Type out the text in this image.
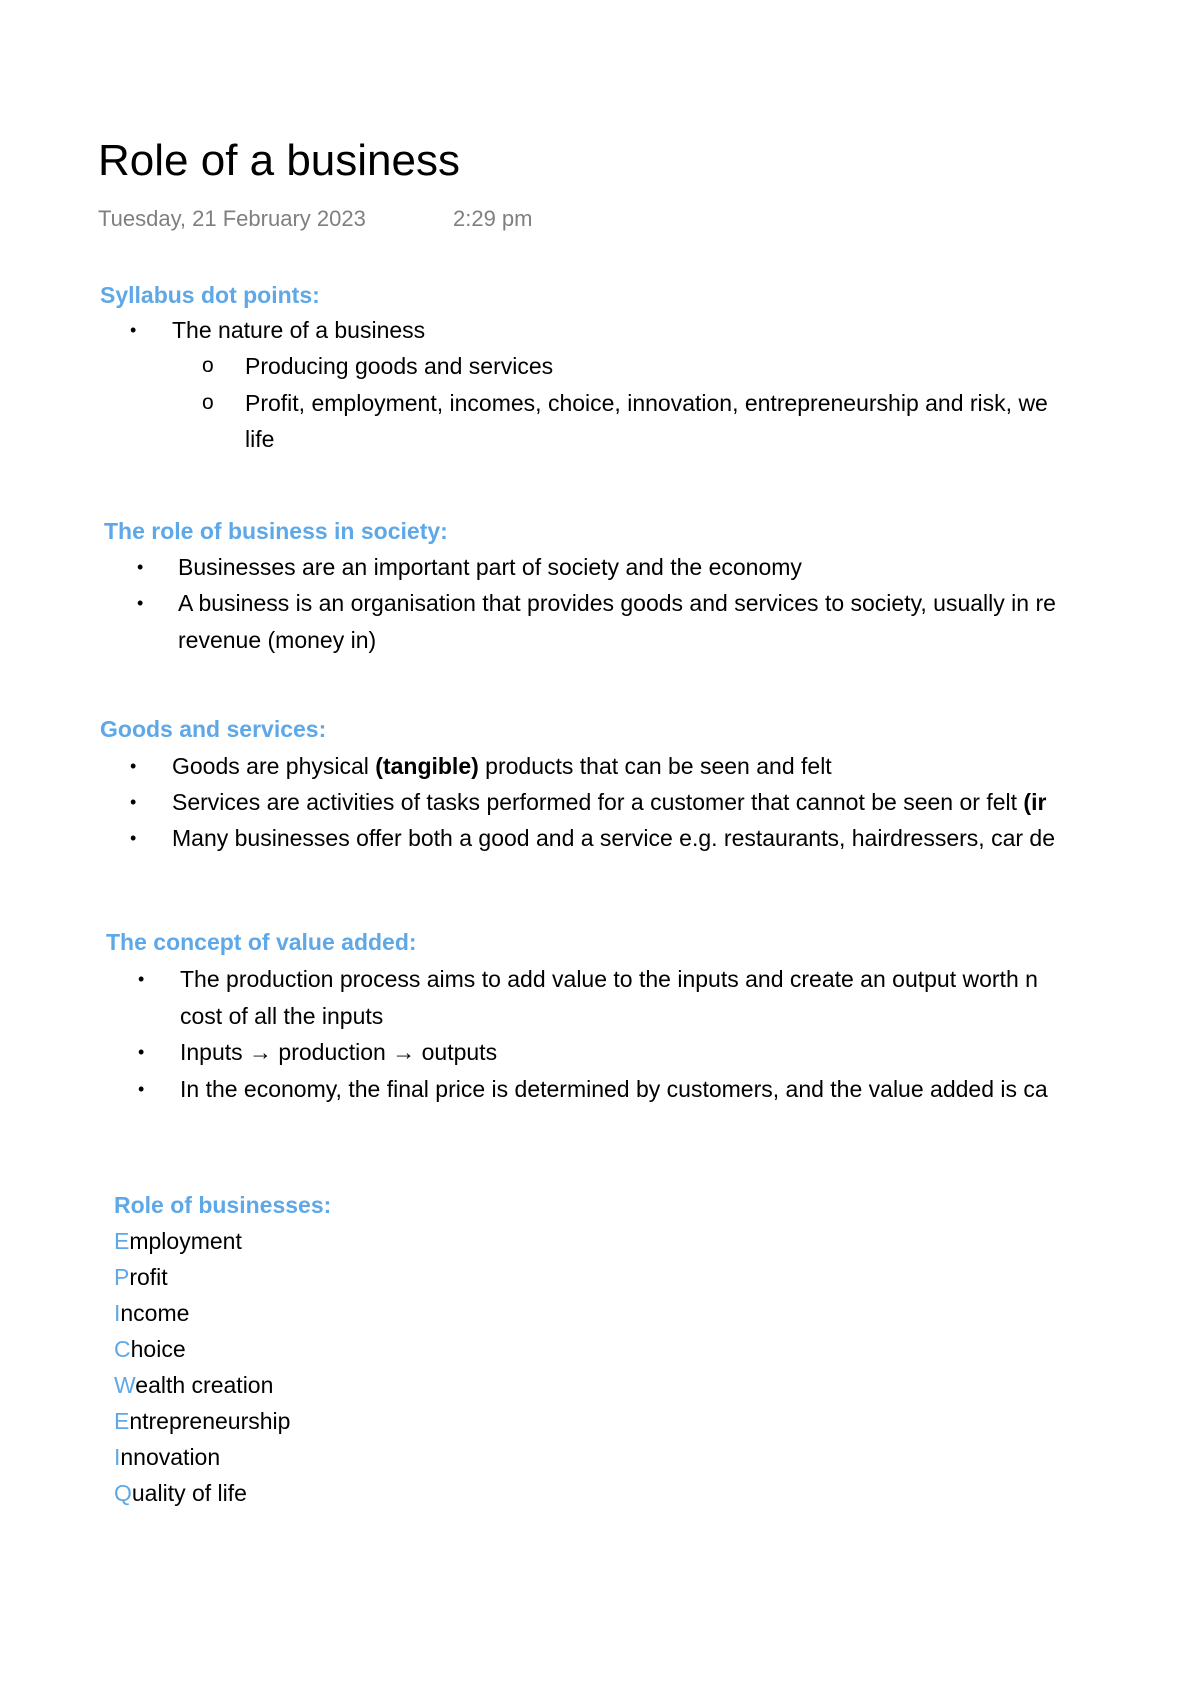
Role of a business
Tuesday, 21 February 2023	2:29 pm
Syllabus dot points:
• The nature of a business
o Producing goods and services
o Profit, employment, incomes, choice, innovation, entrepreneurship and risk, we
life
The role of business in society:
• Businesses are an important part of society and the economy
• A business is an organisation that provides goods and services to society, usually in re
revenue (money in)
Goods and services:
• Goods are physical (tangible) products that can be seen and felt
• Services are activities of tasks performed for a customer that cannot be seen or felt (ir
• Many businesses offer both a good and a service e.g. restaurants, hairdressers, car de
The concept of value added:
• The production process aims to add value to the inputs and create an output worth n
cost of all the inputs
• Inputs → production → outputs
• In the economy, the final price is determined by customers, and the value added is ca
Role of businesses:
Employment
Profit
Income
Choice
Wealth creation
Entrepreneurship
Innovation
Quality of life
